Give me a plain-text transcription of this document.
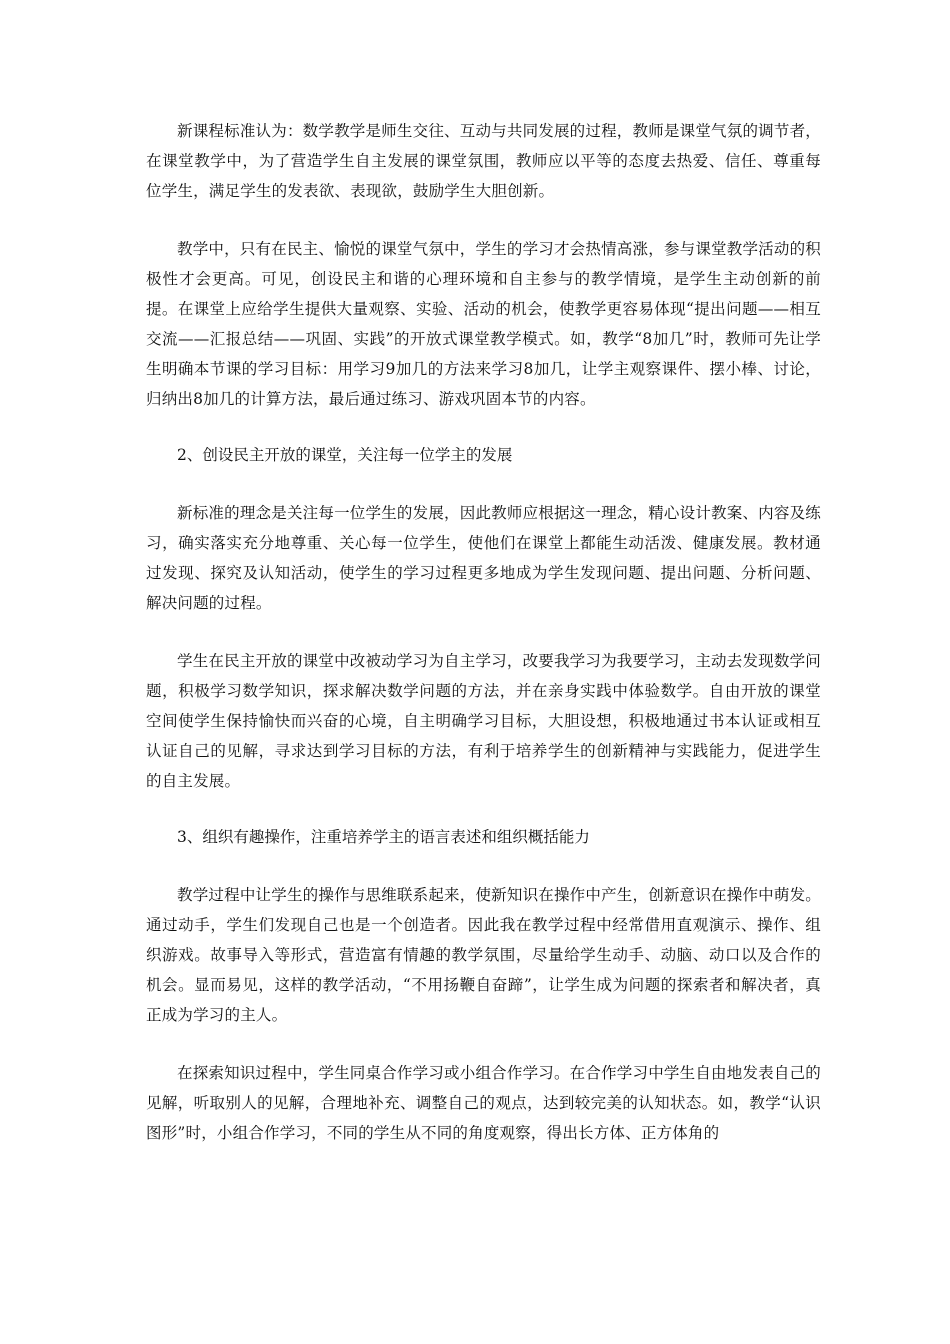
新课程标准认为：数学教学是师生交往、互动与共同发展的过程，教师是课堂气氛的调节者，在课堂教学中，为了营造学生自主发展的课堂氛围，教师应以平等的态度去热爱、信任、尊重每位学生，满足学生的发表欲、表现欲，鼓励学生大胆创新。

教学中，只有在民主、愉悦的课堂气氛中，学生的学习才会热情高涨，参与课堂教学活动的积极性才会更高。可见，创设民主和谐的心理环境和自主参与的教学情境，是学生主动创新的前提。在课堂上应给学生提供大量观察、实验、活动的机会，使教学更容易体现“提出问题——相互交流——汇报总结——巩固、实践”的开放式课堂教学模式。如，教学“8加几”时，教师可先让学生明确本节课的学习目标：用学习9加几的方法来学习8加几，让学主观察课件、摆小棒、讨论，归纳出8加几的计算方法，最后通过练习、游戏巩固本节的内容。

2、创设民主开放的课堂，关注每一位学主的发展

新标准的理念是关注每一位学生的发展，因此教师应根据这一理念，精心设计教案、内容及练习，确实落实充分地尊重、关心每一位学生，使他们在课堂上都能生动活泼、健康发展。教材通过发现、探究及认知活动，使学生的学习过程更多地成为学生发现问题、提出问题、分析问题、解决问题的过程。

学生在民主开放的课堂中改被动学习为自主学习，改要我学习为我要学习，主动去发现数学问题，积极学习数学知识，探求解决数学问题的方法，并在亲身实践中体验数学。自由开放的课堂空间使学生保持愉快而兴奋的心境，自主明确学习目标，大胆设想，积极地通过书本认证或相互认证自己的见解，寻求达到学习目标的方法，有利于培养学生的创新精神与实践能力，促进学生的自主发展。

3、组织有趣操作，注重培养学主的语言表述和组织概括能力

教学过程中让学生的操作与思维联系起来，使新知识在操作中产生，创新意识在操作中萌发。通过动手，学生们发现自己也是一个创造者。因此我在教学过程中经常借用直观演示、操作、组织游戏。故事导入等形式，营造富有情趣的教学氛围，尽量给学生动手、动脑、动口以及合作的机会。显而易见，这样的教学活动，“不用扬鞭自奋蹄”，让学生成为问题的探索者和解决者，真正成为学习的主人。

在探索知识过程中，学生同桌合作学习或小组合作学习。在合作学习中学生自由地发表自己的见解，听取别人的见解，合理地补充、调整自己的观点，达到较完美的认知状态。如，教学“认识图形”时，小组合作学习，不同的学生从不同的角度观察，得出长方体、正方体角的
